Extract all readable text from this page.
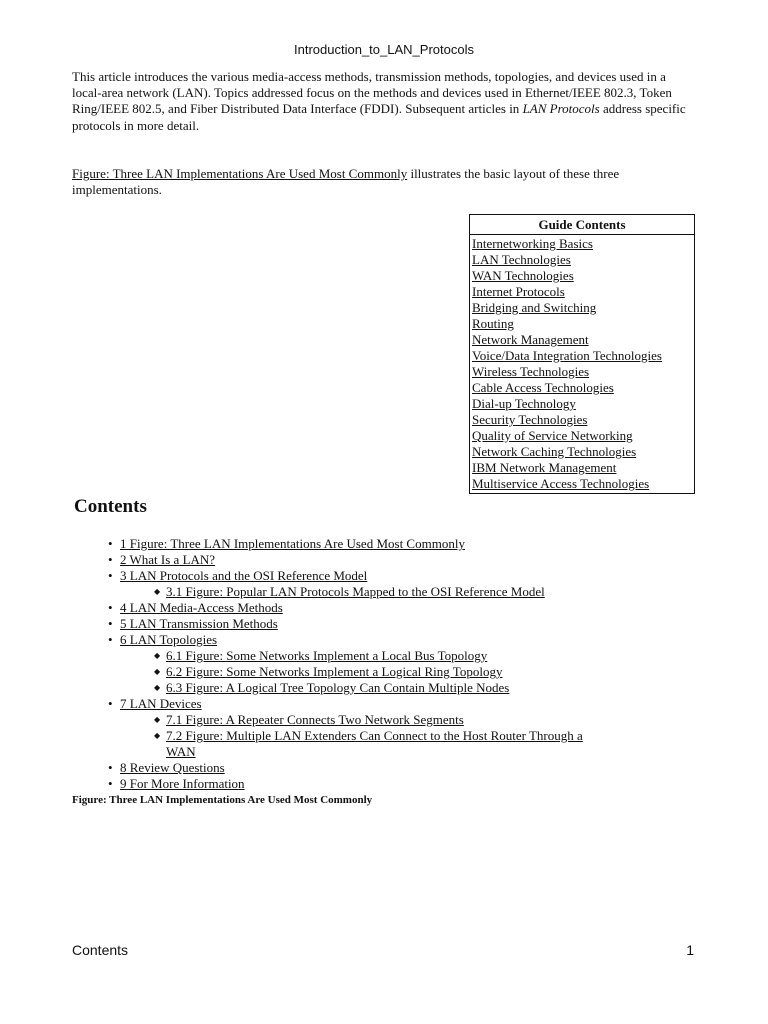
Introduction_to_LAN_Protocols

This article introduces the various media-access methods, transmission methods, topologies, and devices used in a local-area network (LAN). Topics addressed focus on the methods and devices used in Ethernet/IEEE 802.3, Token Ring/IEEE 802.5, and Fiber Distributed Data Interface (FDDI). Subsequent articles in LAN Protocols address specific protocols in more detail.

Figure: Three LAN Implementations Are Used Most Commonly illustrates the basic layout of these three implementations.

Guide Contents
Internetworking Basics
LAN Technologies
WAN Technologies
Internet Protocols
Bridging and Switching
Routing
Network Management
Voice/Data Integration Technologies
Wireless Technologies
Cable Access Technologies
Dial-up Technology
Security Technologies
Quality of Service Networking
Network Caching Technologies
IBM Network Management
Multiservice Access Technologies
Contents
• 1 Figure: Three LAN Implementations Are Used Most Commonly
• 2 What Is a LAN?
• 3 LAN Protocols and the OSI Reference Model
◆ 3.1 Figure: Popular LAN Protocols Mapped to the OSI Reference Model
• 4 LAN Media-Access Methods
• 5 LAN Transmission Methods
• 6 LAN Topologies
◆ 6.1 Figure: Some Networks Implement a Local Bus Topology
◆ 6.2 Figure: Some Networks Implement a Logical Ring Topology
◆ 6.3 Figure: A Logical Tree Topology Can Contain Multiple Nodes
• 7 LAN Devices
◆ 7.1 Figure: A Repeater Connects Two Network Segments
◆ 7.2 Figure: Multiple LAN Extenders Can Connect to the Host Router Through a WAN
• 8 Review Questions
• 9 For More Information

Figure: Three LAN Implementations Are Used Most Commonly

Contents	1
